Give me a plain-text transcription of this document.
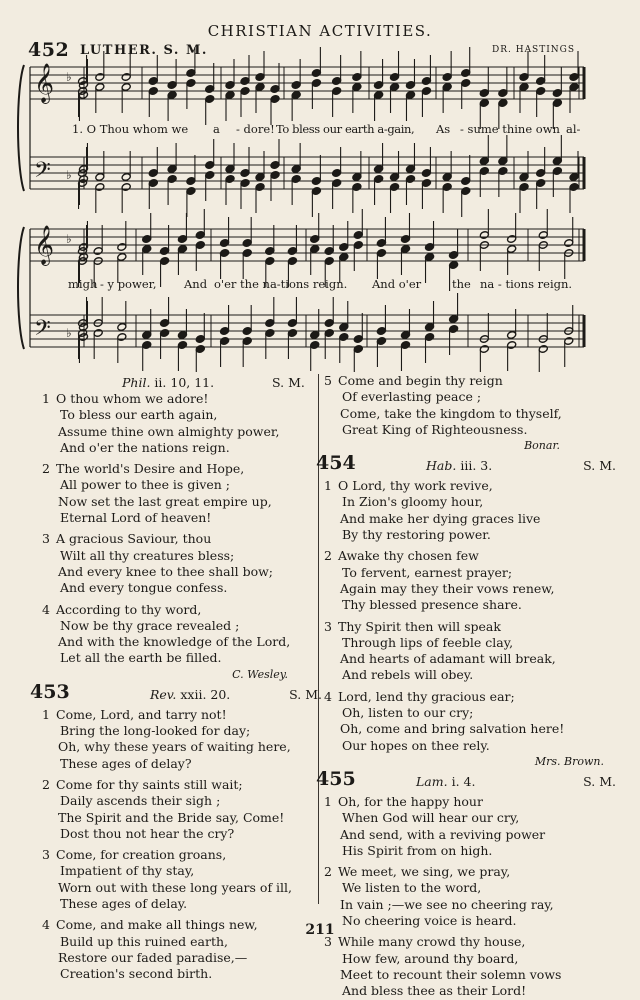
CHRISTIAN ACTIVITIES.
452 LUTHER. S. M.	DR. HASTINGS
𝄞
𝄢
♭
♭
𝄞
𝄢
♭
♭
1. O Thou whom we a - dore! To bless our earth a-gain, As - sume thine own al-
migh - y power, And o'er the na-tions reign. And o'er	the na - tions reign.
Phil. ii. 10, 11.	S. M.
1 O thou whom we adore!
To bless our earth again,
Assume thine own almighty power,
And o'er the nations reign.
2 The world's Desire and Hope,
All power to thee is given ;
Now set the last great empire up,
Eternal Lord of heaven!
3 A gracious Saviour, thou
Wilt all thy creatures bless;
And every knee to thee shall bow;
And every tongue confess.
4 According to thy word,
Now be thy grace revealed ;
And with the knowledge of the Lord,
Let all the earth be filled.
C. Wesley.
453	Rev. xxii. 20.	S. M.
1 Come, Lord, and tarry not!
Bring the long-looked for day;
Oh, why these years of waiting here,
These ages of delay?
2 Come for thy saints still wait;
Daily ascends their sigh ;
The Spirit and the Bride say, Come!
Dost thou not hear the cry?
3 Come, for creation groans,
Impatient of thy stay,
Worn out with these long years of ill,
These ages of delay.
4 Come, and make all things new,
Build up this ruined earth,
Restore our faded paradise,—
Creation's second birth.
5 Come and begin thy reign
Of everlasting peace ;
Come, take the kingdom to thyself,
Great King of Righteousness.
Bonar.
454	Hab. iii. 3.	S. M.
1 O Lord, thy work revive,
In Zion's gloomy hour,
And make her dying graces live
By thy restoring power.
2 Awake thy chosen few
To fervent, earnest prayer;
Again may they their vows renew,
Thy blessed presence share.
3 Thy Spirit then will speak
Through lips of feeble clay,
And hearts of adamant will break,
And rebels will obey.
4 Lord, lend thy gracious ear;
Oh, listen to our cry;
Oh, come and bring salvation here!
Our hopes on thee rely.
Mrs. Brown.
455	Lam. i. 4.	S. M.
1 Oh, for the happy hour
When God will hear our cry,
And send, with a reviving power
His Spirit from on high.
2 We meet, we sing, we pray,
We listen to the word,
In vain ;—we see no cheering ray,
No cheering voice is heard.
3 While many crowd thy house,
How few, around thy board,
Meet to recount their solemn vows
And bless thee as their Lord!
211
